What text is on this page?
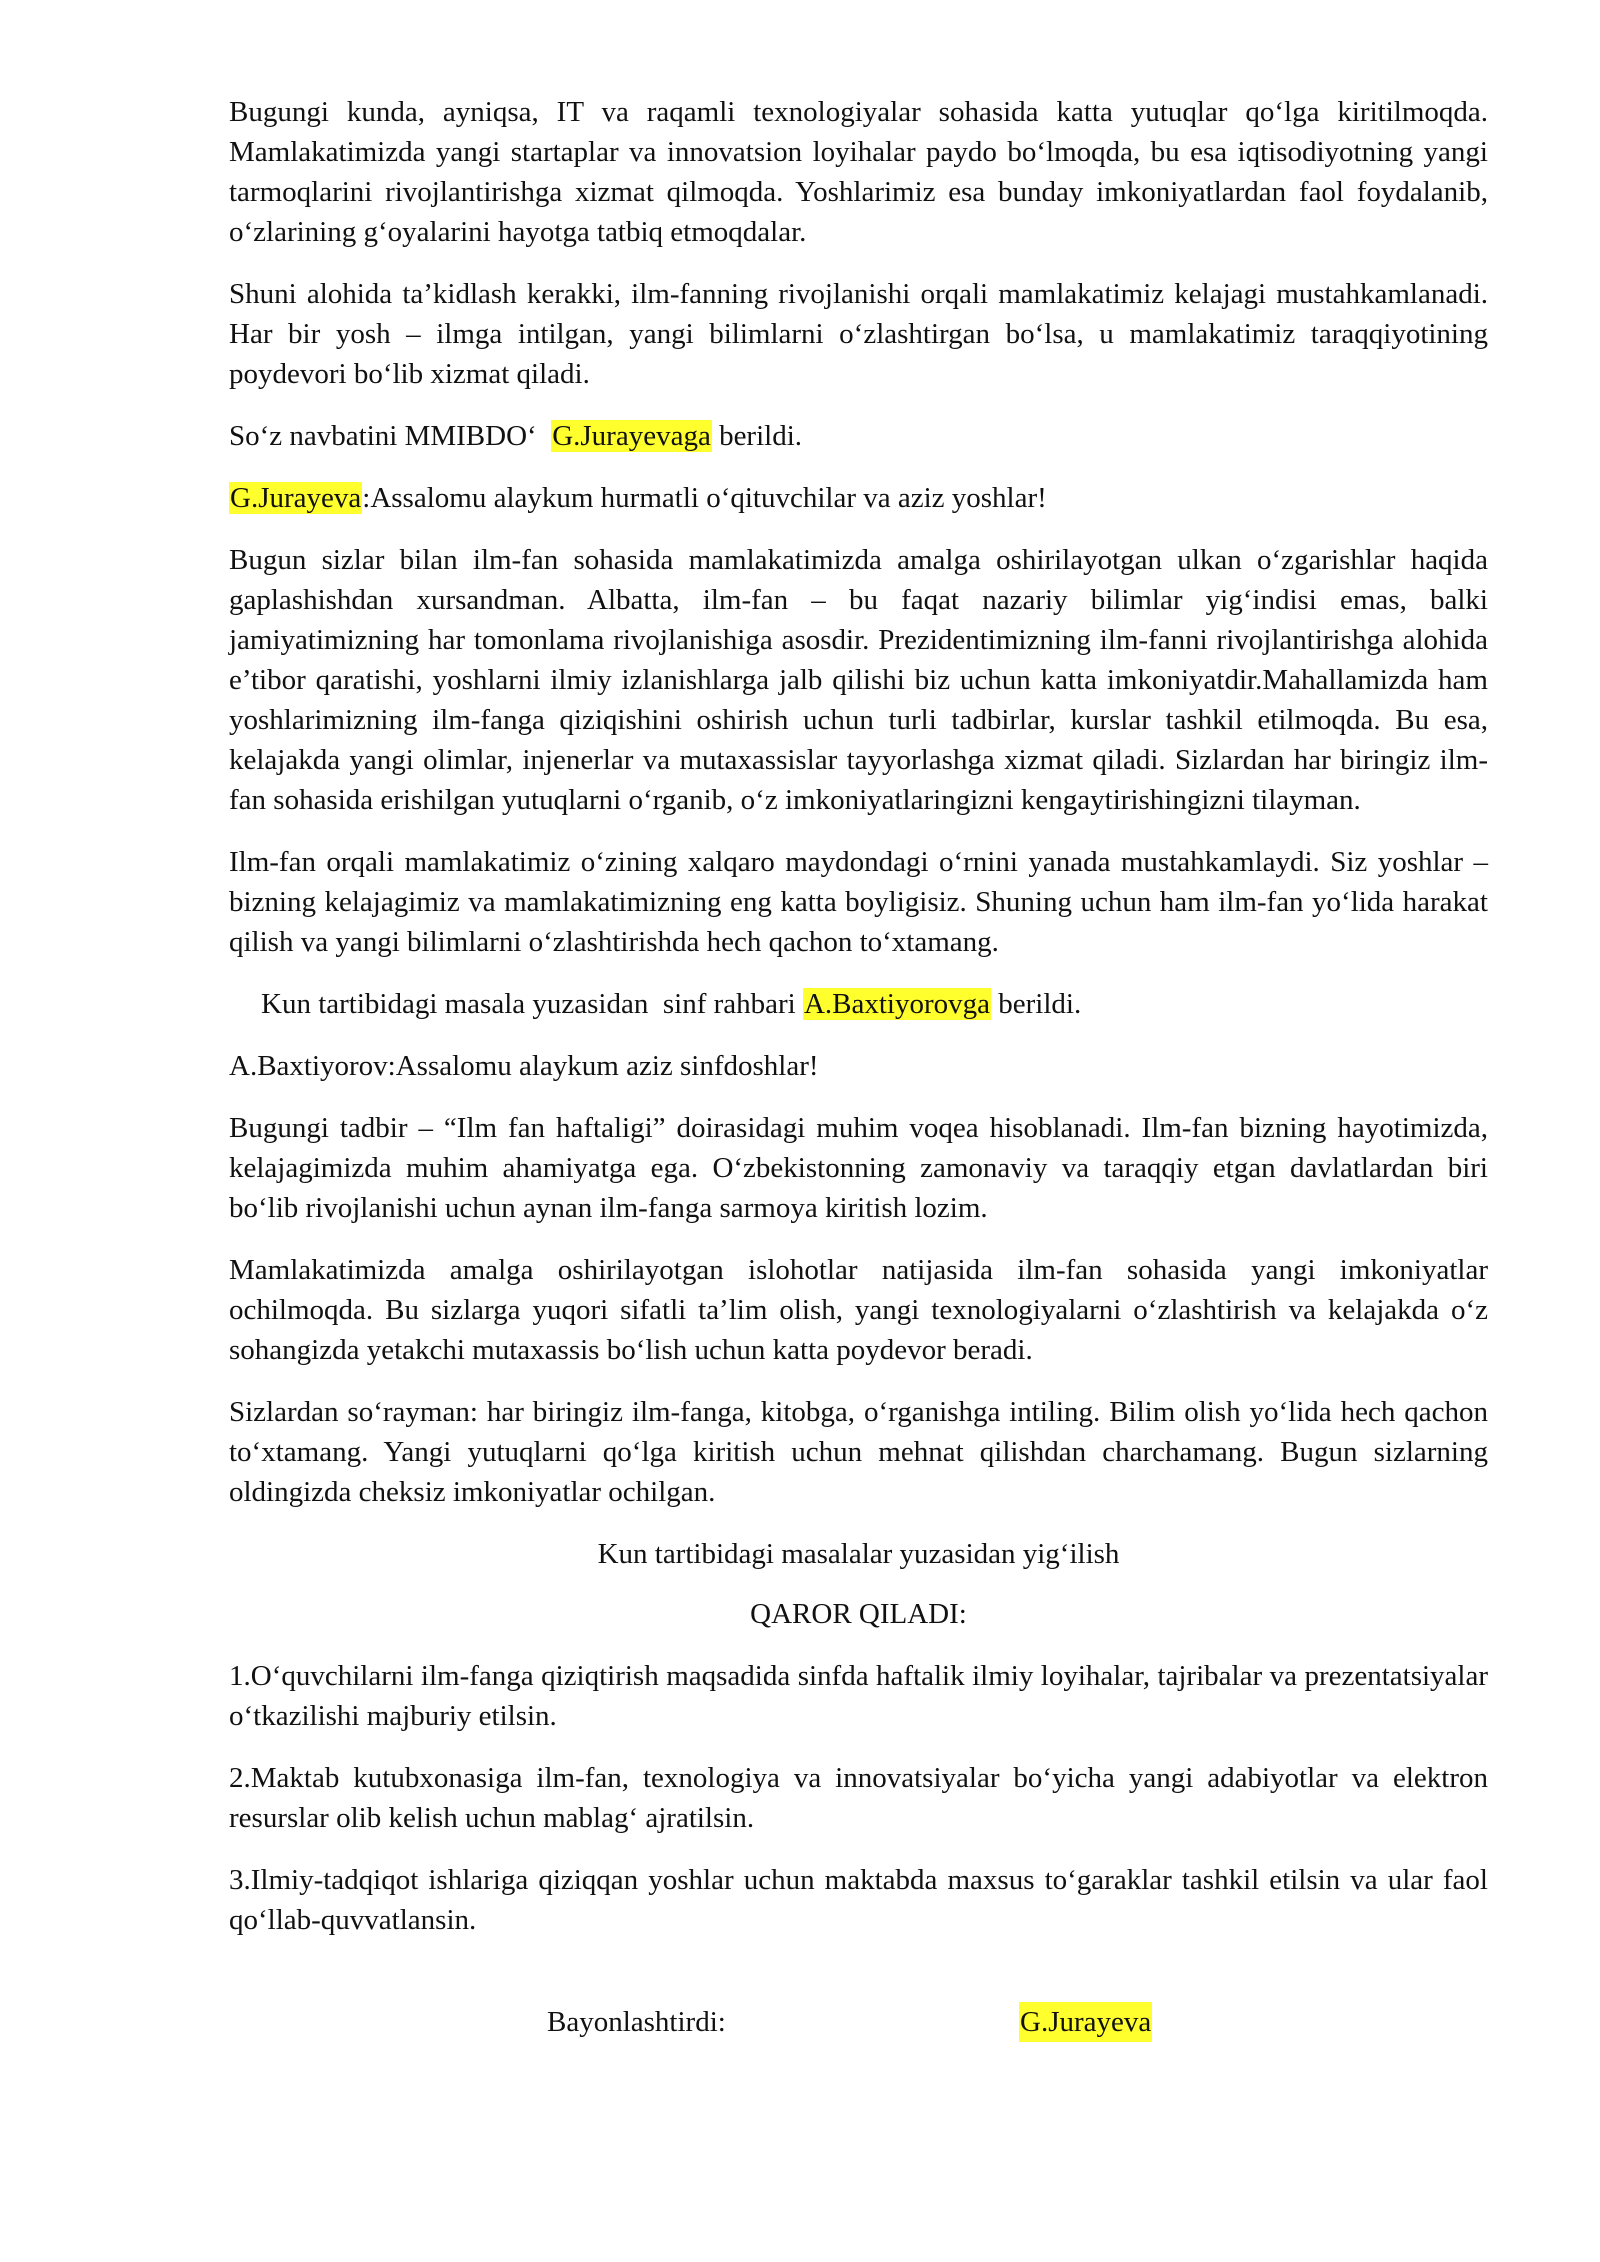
Bugungi kunda, ayniqsa, IT va raqamli texnologiyalar sohasida katta yutuqlar qo‘lga kiritilmoqda. Mamlakatimizda yangi startaplar va innovatsion loyihalar paydo bo‘lmoqda, bu esa iqtisodiyotning yangi tarmoqlarini rivojlantirishga xizmat qilmoqda. Yoshlarimiz esa bunday imkoniyatlardan faol foydalanib, o‘zlarining g‘oyalarini hayotga tatbiq etmoqdalar.

Shuni alohida ta’kidlash kerakki, ilm-fanning rivojlanishi orqali mamlakatimiz kelajagi mustahkamlanadi. Har bir yosh – ilmga intilgan, yangi bilimlarni o‘zlashtirgan bo‘lsa, u mamlakatimiz taraqqiyotining poydevori bo‘lib xizmat qiladi.

So‘z navbatini MMIBDO‘  G.Jurayevaga berildi.

G.Jurayeva:Assalomu alaykum hurmatli o‘qituvchilar va aziz yoshlar!

Bugun sizlar bilan ilm-fan sohasida mamlakatimizda amalga oshirilayotgan ulkan o‘zgarishlar haqida gaplashishdan xursandman. Albatta, ilm-fan – bu faqat nazariy bilimlar yig‘indisi emas, balki jamiyatimizning har tomonlama rivojlanishiga asosdir. Prezidentimizning ilm-fanni rivojlantirishga alohida e’tibor qaratishi, yoshlarni ilmiy izlanishlarga jalb qilishi biz uchun katta imkoniyatdir.Mahallamizda ham yoshlarimizning ilm-fanga qiziqishini oshirish uchun turli tadbirlar, kurslar tashkil etilmoqda. Bu esa, kelajakda yangi olimlar, injenerlar va mutaxassislar tayyorlashga xizmat qiladi. Sizlardan har biringiz ilm-fan sohasida erishilgan yutuqlarni o‘rganib, o‘z imkoniyatlaringizni kengaytirishingizni tilayman.

Ilm-fan orqali mamlakatimiz o‘zining xalqaro maydondagi o‘rnini yanada mustahkamlaydi. Siz yoshlar – bizning kelajagimiz va mamlakatimizning eng katta boyligisiz. Shuning uchun ham ilm-fan yo‘lida harakat qilish va yangi bilimlarni o‘zlashtirishda hech qachon to‘xtamang.

Kun tartibidagi masala yuzasidan  sinf rahbari A.Baxtiyorovga berildi.

A.Baxtiyorov:Assalomu alaykum aziz sinfdoshlar!

Bugungi tadbir – “Ilm fan haftaligi” doirasidagi muhim voqea hisoblanadi. Ilm-fan bizning hayotimizda, kelajagimizda muhim ahamiyatga ega. O‘zbekistonning zamonaviy va taraqqiy etgan davlatlardan biri bo‘lib rivojlanishi uchun aynan ilm-fanga sarmoya kiritish lozim.

Mamlakatimizda amalga oshirilayotgan islohotlar natijasida ilm-fan sohasida yangi imkoniyatlar ochilmoqda. Bu sizlarga yuqori sifatli ta’lim olish, yangi texnologiyalarni o‘zlashtirish va kelajakda o‘z sohangizda yetakchi mutaxassis bo‘lish uchun katta poydevor beradi.

Sizlardan so‘rayman: har biringiz ilm-fanga, kitobga, o‘rganishga intiling. Bilim olish yo‘lida hech qachon to‘xtamang. Yangi yutuqlarni qo‘lga kiritish uchun mehnat qilishdan charchamang. Bugun sizlarning oldingizda cheksiz imkoniyatlar ochilgan.

Kun tartibidagi masalalar yuzasidan yig‘ilish

QAROR QILADI:

1.O‘quvchilarni ilm-fanga qiziqtirish maqsadida sinfda haftalik ilmiy loyihalar, tajribalar va prezentatsiyalar o‘tkazilishi majburiy etilsin.

2.Maktab kutubxonasiga ilm-fan, texnologiya va innovatsiyalar bo‘yicha yangi adabiyotlar va elektron resurslar olib kelish uchun mablag‘ ajratilsin.

3.Ilmiy-tadqiqot ishlariga qiziqqan yoshlar uchun maktabda maxsus to‘garaklar tashkil etilsin va ular faol qo‘llab-quvvatlansin.

Bayonlashtirdi:	G.Jurayeva
